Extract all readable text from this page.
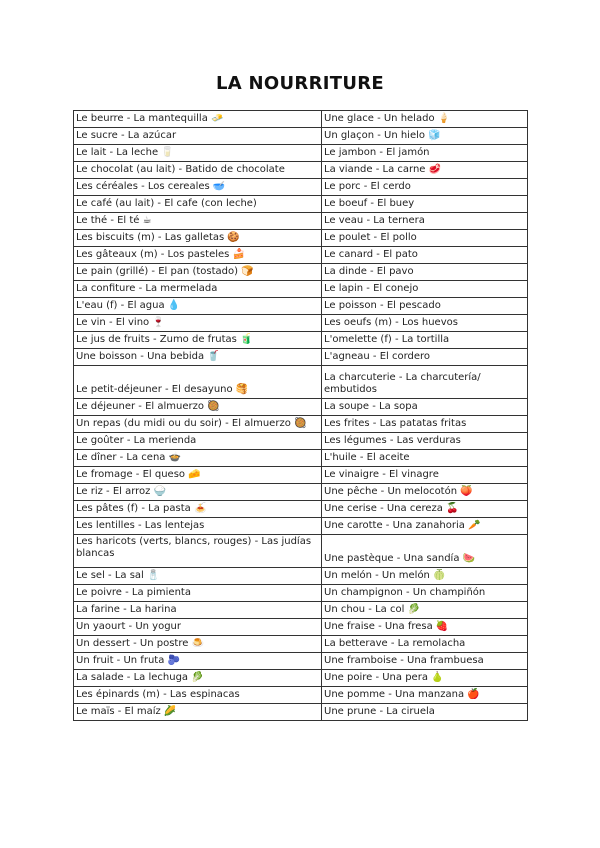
LA NOURRITURE
Le beurre - La mantequilla 🧈	Une glace - Un helado 🍦
Le sucre - La azúcar	Un glaçon - Un hielo 🧊
Le lait - La leche 🥛	Le jambon - El jamón
Le chocolat (au lait) - Batido de chocolate	La viande - La carne 🥩
Les céréales - Los cereales 🥣	Le porc - El cerdo
Le café (au lait) - El cafe (con leche)	Le boeuf - El buey
Le thé - El té ☕	Le veau - La ternera
Les biscuits (m) - Las galletas 🍪	Le poulet - El pollo
Les gâteaux (m) - Los pasteles 🍰	Le canard - El pato
Le pain (grillé) - El pan (tostado) 🍞	La dinde - El pavo
La confiture - La mermelada	Le lapin - El conejo
L'eau (f) - El agua 💧	Le poisson - El pescado
Le vin - El vino 🍷	Les oeufs (m) - Los huevos
Le jus de fruits - Zumo de frutas 🧃	L'omelette (f) - La tortilla
Une boisson - Una bebida 🥤	L'agneau - El cordero
Le petit-déjeuner - El desayuno 🥞	La charcuterie - La charcutería/ embutidos
Le déjeuner - El almuerzo 🥘	La soupe - La sopa
Un repas (du midi ou du soir) - El almuerzo 🥘	Les frites - Las patatas fritas
Le goûter - La merienda	Les légumes - Las verduras
Le dîner - La cena 🍲	L'huile - El aceite
Le fromage - El queso 🧀	Le vinaigre - El vinagre
Le riz - El arroz 🍚	Une pêche - Un melocotón 🍑
Les pâtes (f) - La pasta 🍝	Une cerise - Una cereza 🍒
Les lentilles - Las lentejas	Une carotte - Una zanahoria 🥕
Les haricots (verts, blancs, rouges) - Las judías blancas	Une pastèque - Una sandía 🍉
Le sel - La sal 🧂	Un melón - Un melón 🍈
Le poivre - La pimienta	Un champignon - Un champiñón
La farine - La harina	Un chou - La col 🥬
Un yaourt - Un yogur	Une fraise - Una fresa 🍓
Un dessert - Un postre 🍮	La betterave - La remolacha
Un fruit - Un fruta 🫐	Une framboise - Una frambuesa
La salade - La lechuga 🥬	Une poire - Una pera 🍐
Les épinards (m) - Las espinacas	Une pomme - Una manzana 🍎
Le maïs - El maíz 🌽	Une prune - La ciruela
